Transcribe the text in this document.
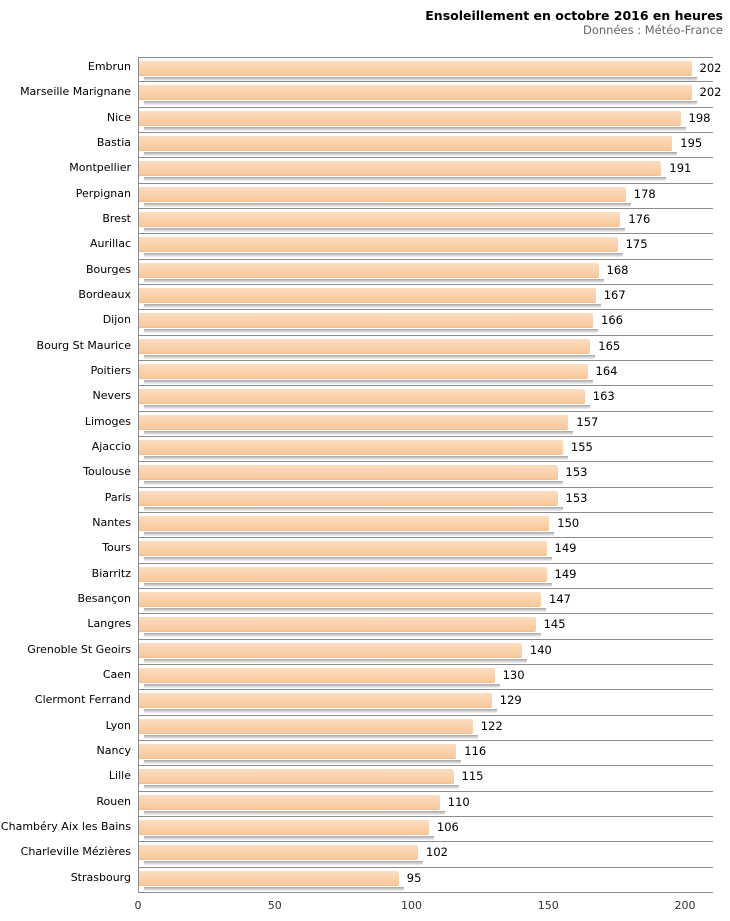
Ensoleillement en octobre 2016 en heures
Données : Météo-France
Embrun	202
Marseille Marignane	202
Nice	198
Bastia	195
Montpellier	191
Perpignan	178
Brest	176
Aurillac	175
Bourges	168
Bordeaux	167
Dijon	166
Bourg St Maurice	165
Poitiers	164
Nevers	163
Limoges	157
Ajaccio	155
Toulouse	153
Paris	153
Nantes	150
Tours	149
Biarritz	149
Besançon	147
Langres	145
Grenoble St Geoirs	140
Caen	130
Clermont Ferrand	129
Lyon	122
Nancy	116
Lille	115
Rouen	110
Chambéry Aix les Bains	106
Charleville Mézières	102
Strasbourg	95
0	50	100	150	200
